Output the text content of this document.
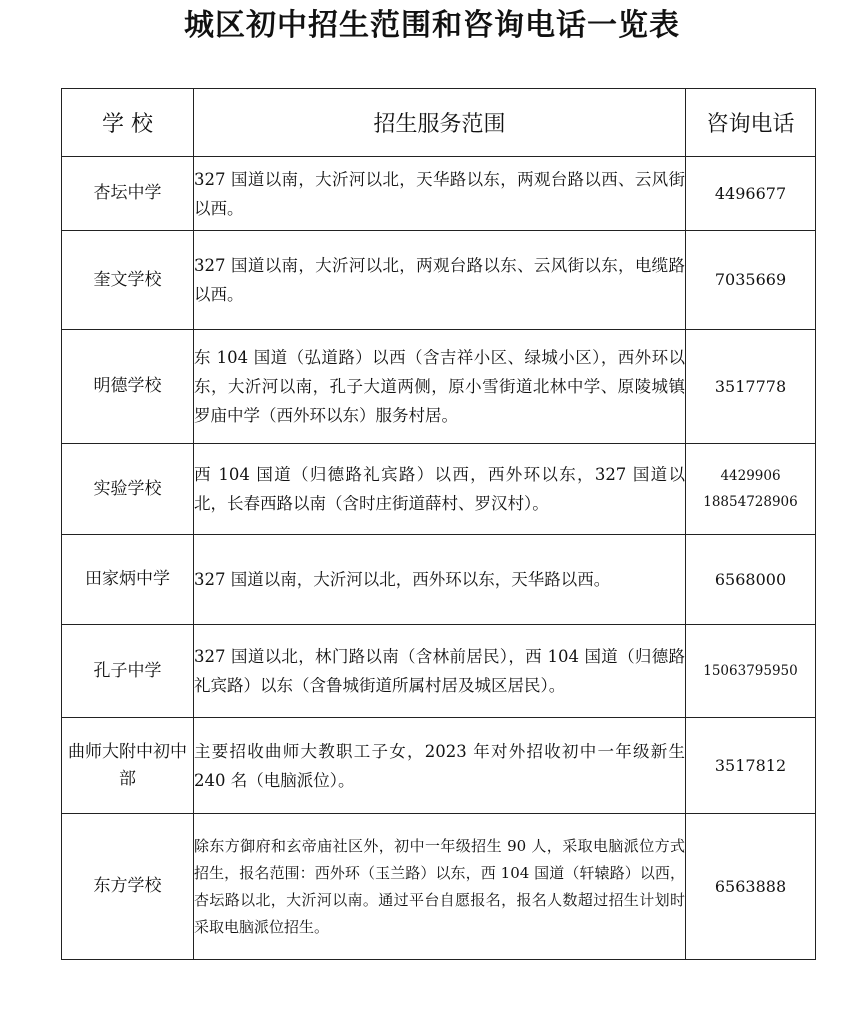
城区初中招生范围和咨询电话一览表
学 校	招生服务范围	咨询电话
杏坛中学	327 国道以南，大沂河以北，天华路以东，两观台路以西、云风街以西。	4496677

奎文学校	327 国道以南，大沂河以北，两观台路以东、云风街以东，电缆路以西。	7035669

明德学校	东 104 国道（弘道路）以西（含吉祥小区、绿城小区），西外环以东，大沂河以南，孔子大道两侧，原小雪街道北林中学、原陵城镇罗庙中学（西外环以东）服务村居。	3517778

实验学校	西 104 国道（归德路礼宾路）以西，西外环以东，327 国道以北，长春西路以南（含时庄街道薛村、罗汉村）。	4429906
18854728906

田家炳中学	327 国道以南，大沂河以北，西外环以东，天华路以西。	6568000

孔子中学	327 国道以北，林门路以南（含林前居民），西 104 国道（归德路礼宾路）以东（含鲁城街道所属村居及城区居民）。	15063795950

曲师大附中初中部	主要招收曲师大教职工子女，2023 年对外招收初中一年级新生 240 名（电脑派位）。	3517812

东方学校	除东方御府和玄帝庙社区外，初中一年级招生 90 人，采取电脑派位方式招生，报名范围：西外环（玉兰路）以东，西 104 国道（轩辕路）以西，杏坛路以北，大沂河以南。通过平台自愿报名，报名人数超过招生计划时采取电脑派位招生。	6563888
